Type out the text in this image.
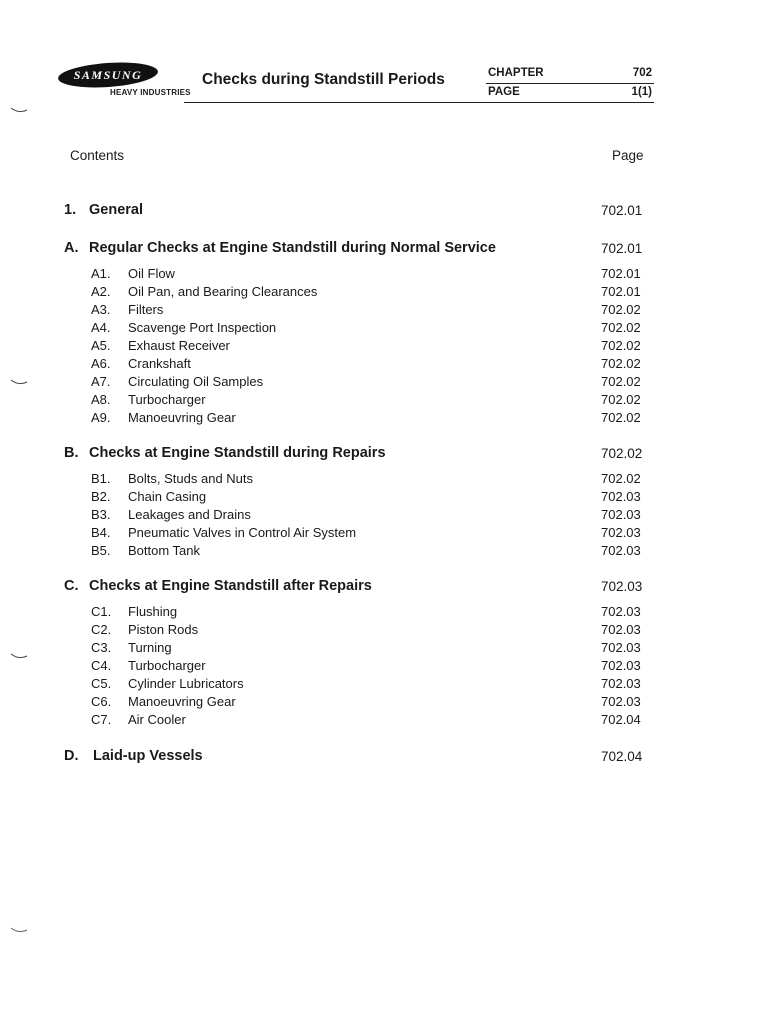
SAMSUNG
HEAVY INDUSTRIES
Checks during Standstill Periods	CHAPTER	702
PAGE	1(1)
Contents	Page
1. General	702.01
A. Regular Checks at Engine Standstill during Normal Service	702.01
A1. Oil Flow	702.01
A2. Oil Pan, and Bearing Clearances	702.01
A3. Filters	702.02
A4. Scavenge Port Inspection	702.02
A5. Exhaust Receiver	702.02
A6. Crankshaft	702.02
A7. Circulating Oil Samples	702.02
A8. Turbocharger	702.02
A9. Manoeuvring Gear	702.02
B. Checks at Engine Standstill during Repairs	702.02
B1. Bolts, Studs and Nuts	702.02
B2. Chain Casing	702.03
B3. Leakages and Drains	702.03
B4. Pneumatic Valves in Control Air System	702.03
B5. Bottom Tank	702.03
C. Checks at Engine Standstill after Repairs	702.03
C1. Flushing	702.03
C2. Piston Rods	702.03
C3. Turning	702.03
C4. Turbocharger	702.03
C5. Cylinder Lubricators	702.03
C6. Manoeuvring Gear	702.03
C7. Air Cooler	702.04
D. Laid-up Vessels	702.04
